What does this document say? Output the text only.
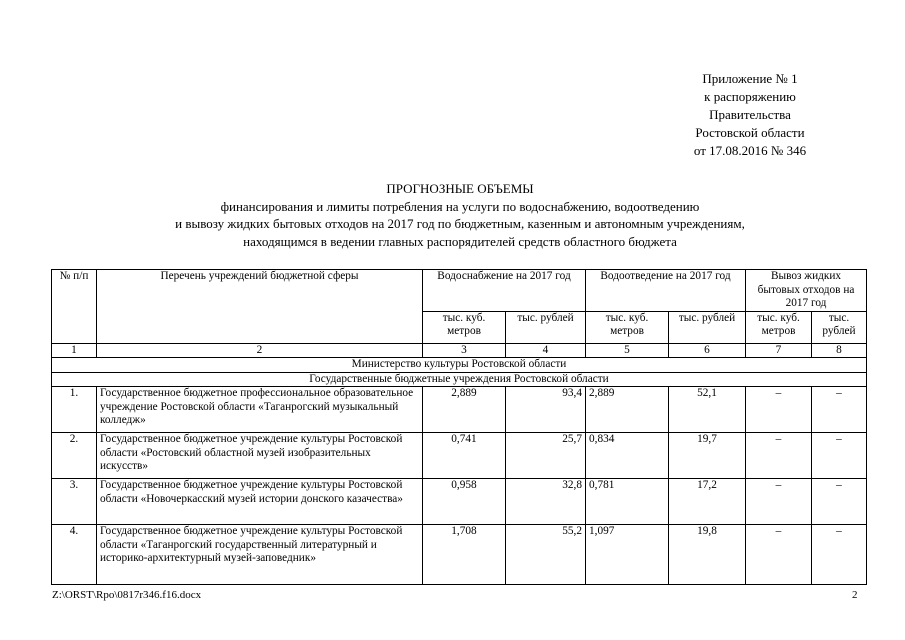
Приложение № 1
к распоряжению
Правительства
Ростовской области
от 17.08.2016 № 346
ПРОГНОЗНЫЕ ОБЪЕМЫ
финансирования и лимиты потребления на услуги по водоснабжению, водоотведению
и вывозу жидких бытовых отходов на 2017 год по бюджетным, казенным и автономным учреждениям,
находящимся в ведении главных распорядителей средств областного бюджета
№ п/п	Перечень учреждений бюджетной сферы	Водоснабжение на 2017 год		Водоотведение на 2017 год		Вывоз жидких бытовых отходов на 2017 год	
		тыс. куб. метров	тыс. рублей	тыс. куб. метров	тыс. рублей	тыс. куб. метров	тыс. рублей
1	2	3	4	5	6	7	8
Министерство культуры Ростовской области							
Государственные бюджетные учреждения Ростовской области							
1.	Государственное бюджетное профессиональное образовательное учреждение Ростовской области «Таганрогский музыкальный колледж»	2,889	93,4	2,889	52,1	–	–
2.	Государственное бюджетное учреждение культуры Ростовской области «Ростовский областной музей изобразительных искусств»	0,741	25,7	0,834	19,7	–	–
3.	Государственное бюджетное учреждение культуры Ростовской области «Новочеркасский музей истории донского казачества»	0,958	32,8	0,781	17,2	–	–
4.	Государственное бюджетное учреждение культуры Ростовской области «Таганрогский государственный литературный и историко-архитектурный музей-заповедник»	1,708	55,2	1,097	19,8	–	–
Z:\ORST\Rpo\0817r346.f16.docx	2
